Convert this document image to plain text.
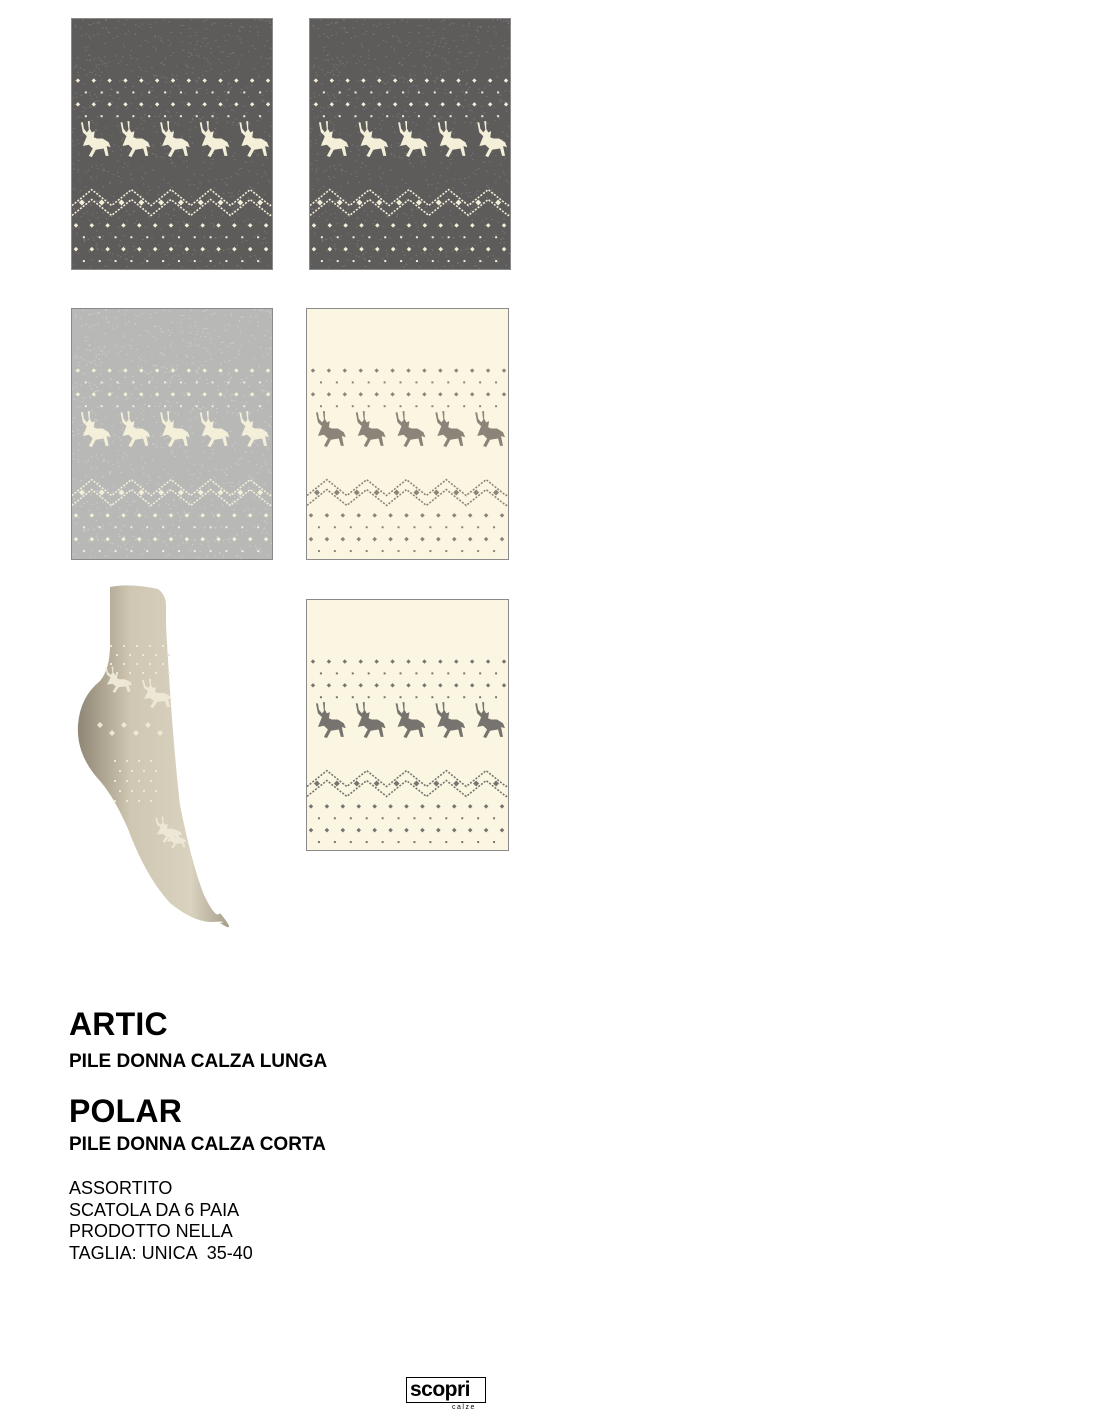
ARTIC
PILE DONNA CALZA LUNGA
POLAR
PILE DONNA CALZA CORTA
ASSORTITO
SCATOLA DA 6 PAIA
PRODOTTO NELLA
TAGLIA: UNICA  35-40
scopri
calze
